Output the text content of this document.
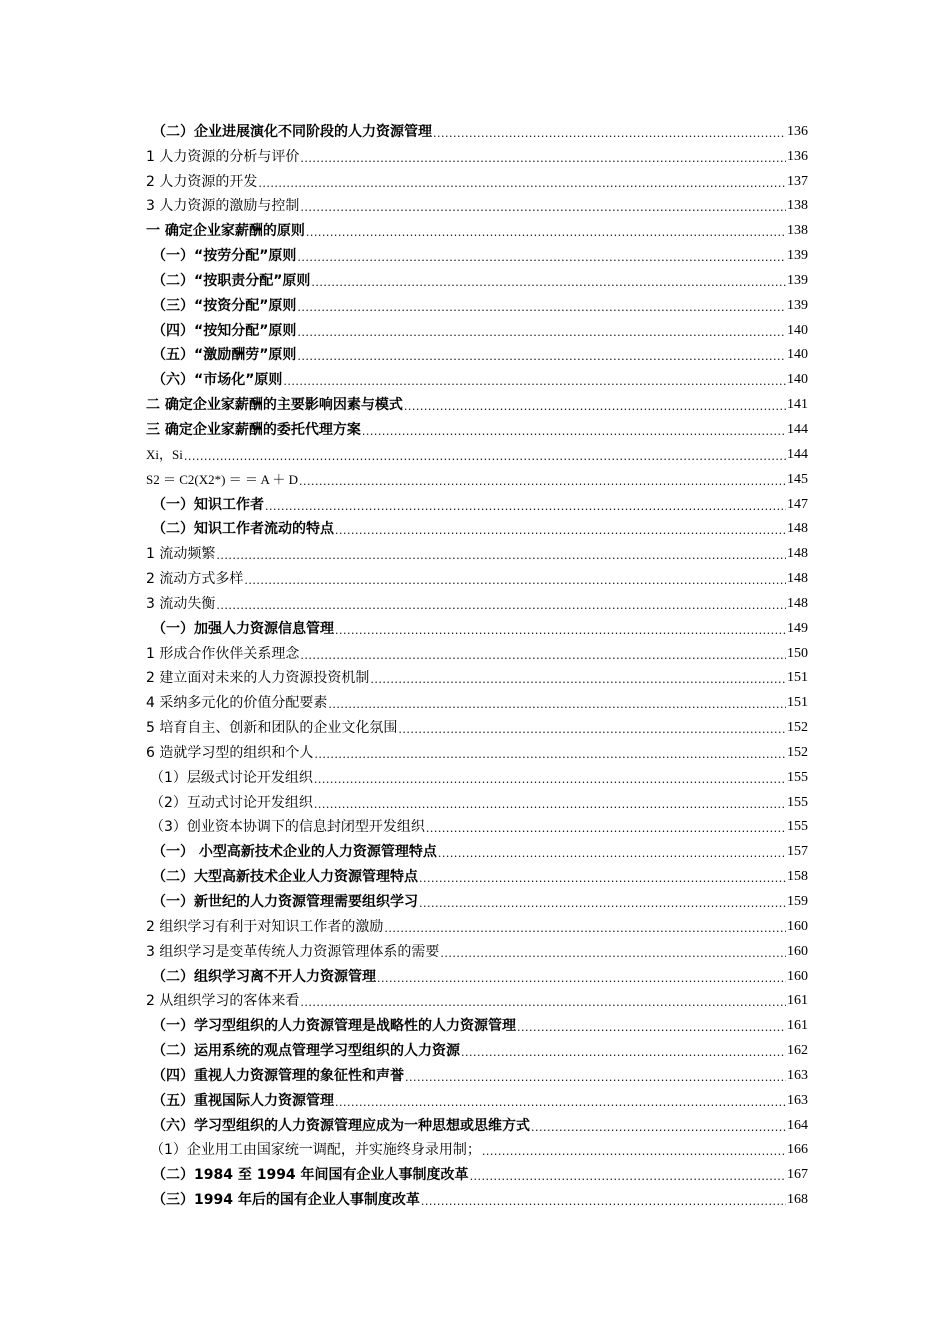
（二）企业进展演化不同阶段的人力资源管理 .....	136
1 人力资源的分析与评价 .....	136
2 人力资源的开发 .....	137
3 人力资源的激励与控制 .....	138
一 确定企业家薪酬的原则 .....	138
（一）“按劳分配”原则 .....	139
（二）“按职责分配”原则 .....	139
（三）“按资分配”原则 .....	139
（四）“按知分配”原则 .....	140
（五）“激励酬劳”原则 .....	140
（六）“市场化”原则 .....	140
二 确定企业家薪酬的主要影响因素与模式 .....	141
三 确定企业家薪酬的委托代理方案 .....	144
Xi，Si .....	144
S2 ＝ C2(X2*) ＝ ＝ A ＋ D .....	145
（一）知识工作者 .....	147
（二）知识工作者流动的特点 .....	148
1 流动频繁 .....	148
2 流动方式多样 .....	148
3 流动失衡 .....	148
（一）加强人力资源信息管理 .....	149
1 形成合作伙伴关系理念 .....	150
2 建立面对未来的人力资源投资机制 .....	151
4 采纳多元化的价值分配要素 .....	151
5 培育自主、创新和团队的企业文化氛围 .....	152
6 造就学习型的组织和个人 .....	152
（1）层级式讨论开发组织 .....	155
（2）互动式讨论开发组织 .....	155
（3）创业资本协调下的信息封闭型开发组织 .....	155
（一） 小型高新技术企业的人力资源管理特点 .....	157
（二）大型高新技术企业人力资源管理特点 .....	158
（一）新世纪的人力资源管理需要组织学习 .....	159
2 组织学习有利于对知识工作者的激励 .....	160
3 组织学习是变革传统人力资源管理体系的需要 .....	160
（二）组织学习离不开人力资源管理 .....	160
2 从组织学习的客体来看 .....	161
（一）学习型组织的人力资源管理是战略性的人力资源管理 .....	161
（二）运用系统的观点管理学习型组织的人力资源 .....	162
（四）重视人力资源管理的象征性和声誉 .....	163
（五）重视国际人力资源管理 .....	163
（六）学习型组织的人力资源管理应成为一种思想或思维方式 .....	164
（1）企业用工由国家统一调配，并实施终身录用制； .....	166
（二）1984 至 1994 年间国有企业人事制度改革 .....	167
（三）1994 年后的国有企业人事制度改革 .....	168
